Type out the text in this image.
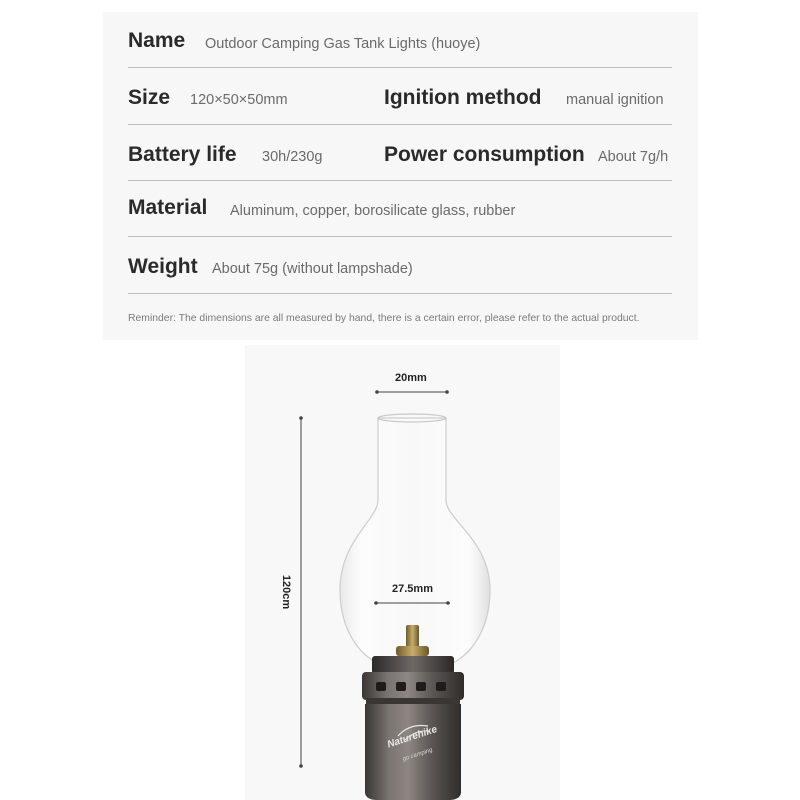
Name Outdoor Camping Gas Tank Lights (huoye)
Size 120×50×50mm	Ignition method manual ignition
Battery life 30h/230g	Power consumption About 7g/h
Material Aluminum, copper, borosilicate glass, rubber
Weight About 75g (without lampshade)
Reminder: The dimensions are all measured by hand, there is a certain error, please refer to the actual product.
Naturehike
go camping
20mm
27.5mm
120cm
